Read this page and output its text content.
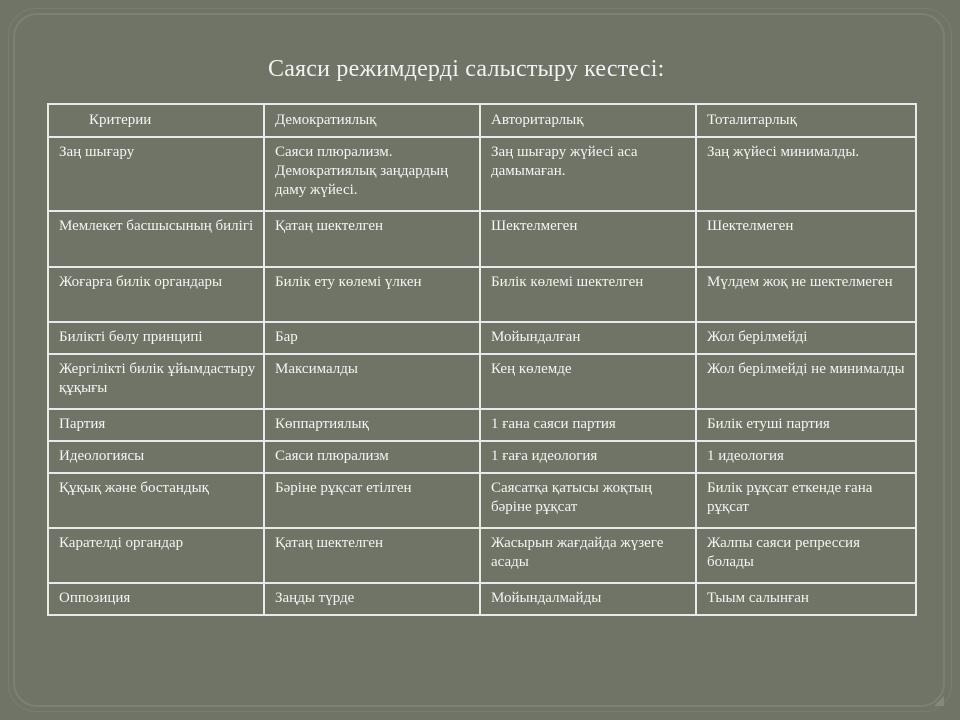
Саяси режимдерді салыстыру кестесі:
Критерии	Демократиялық	Авторитарлық	Тоталитарлық
Заң шығару	Саяси плюрализм. Демократиялық заңдардың даму жүйесі.	Заң шығару жүйесі аса дамымаған.	Заң жүйесі минималды.
Мемлекет басшысының билігі	Қатаң шектелген	Шектелмеген	Шектелмеген
Жоғарға билік органдары	Билік ету көлемі үлкен	Билік көлемі шектелген	Мүлдем жоқ не шектелмеген
Билікті бөлу принципі	Бар	Мойындалған	Жол берілмейді
Жергілікті билік ұйымдастыру құқығы	Максималды	Кең көлемде	Жол берілмейді не минималды
Партия	Көппартиялық	1 ғана саяси партия	Билік етуші партия
Идеологиясы	Саяси плюрализм	1 ғаға идеология	1 идеология
Құқық және бостандық	Бәріне рұқсат етілген	Саясатқа қатысы жоқтың бәріне рұқсат	Билік рұқсат еткенде ғана рұқсат
Карателді органдар	Қатаң шектелген	Жасырын жағдайда жүзеге асады	Жалпы саяси репрессия болады
Оппозиция	Заңды түрде	Мойындалмайды	Тыым салынған
